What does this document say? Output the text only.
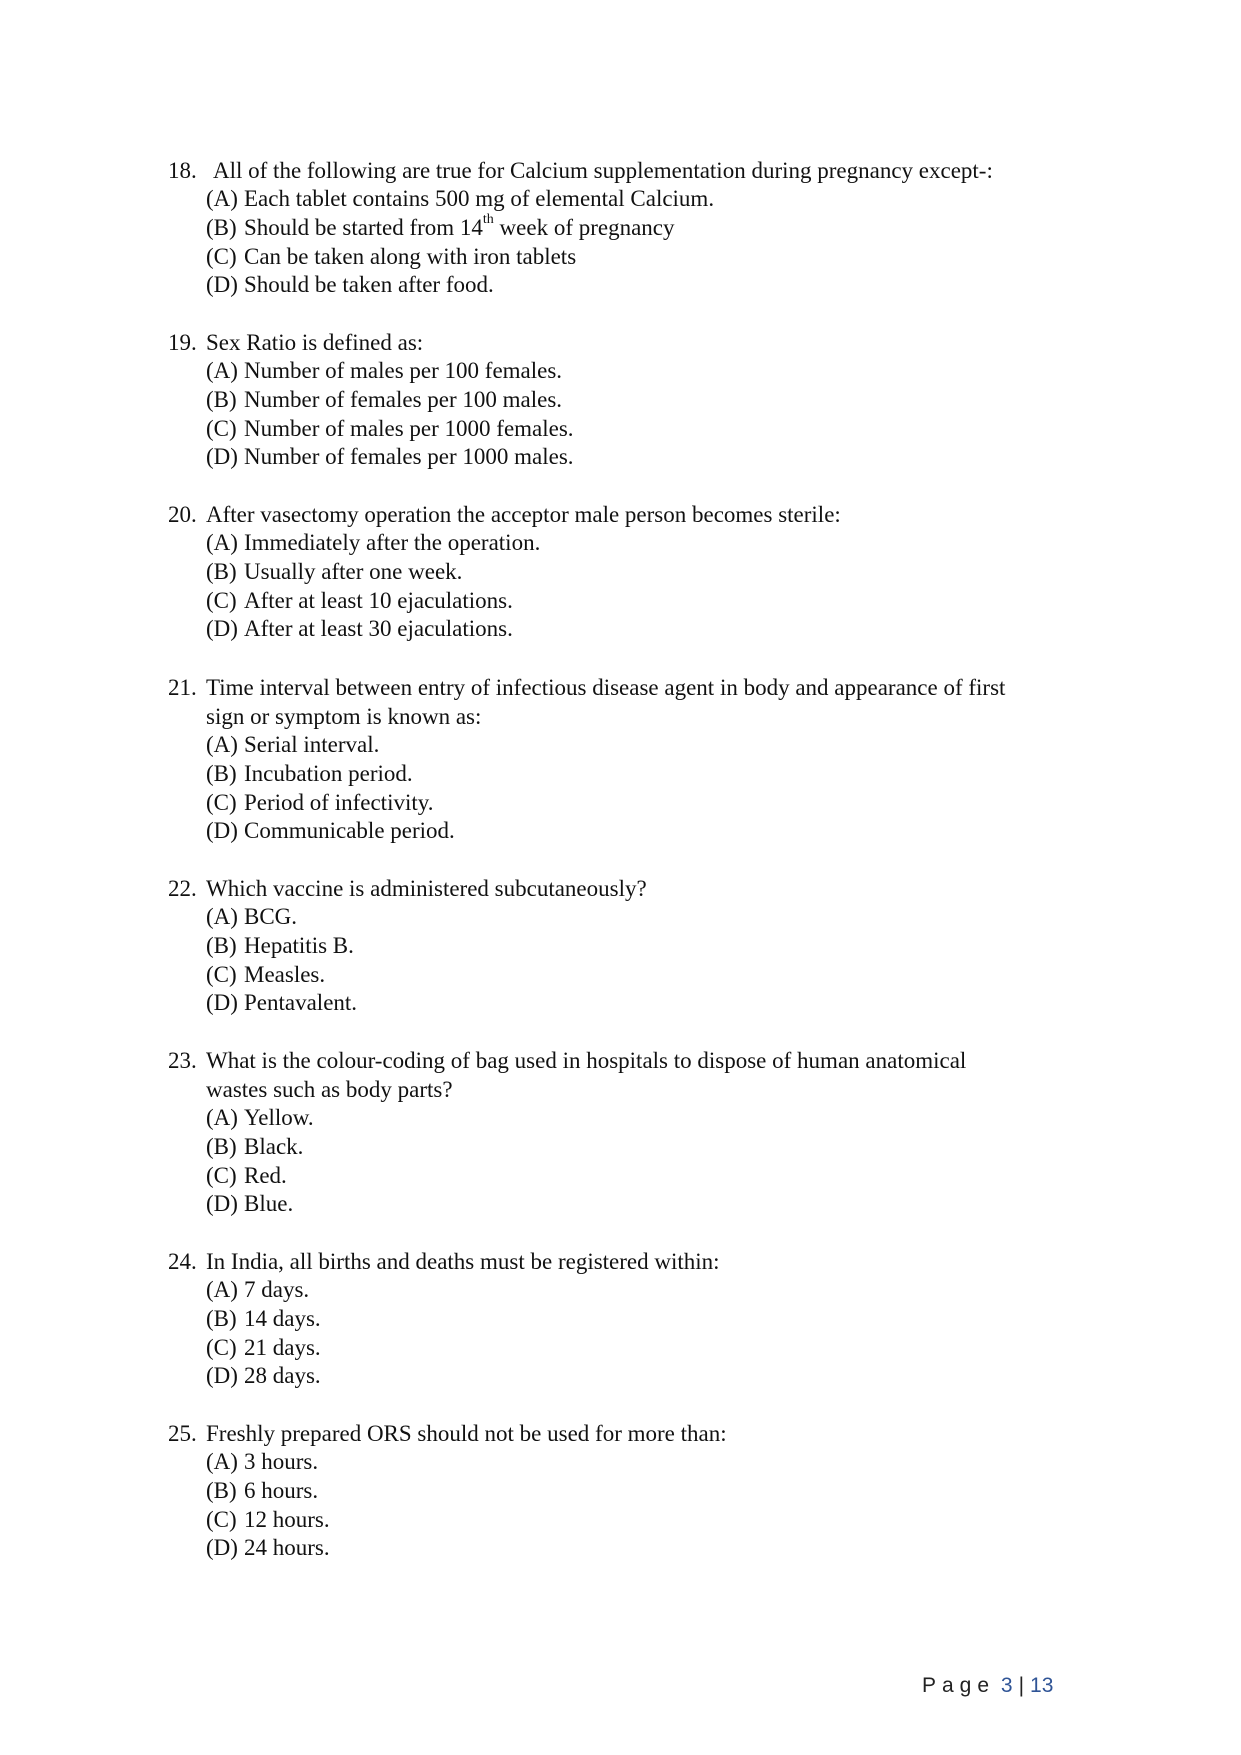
18. All of the following are true for Calcium supplementation during pregnancy except-:
(A) Each tablet contains 500 mg of elemental Calcium.
(B) Should be started from 14th week of pregnancy
(C) Can be taken along with iron tablets
(D) Should be taken after food.
19. Sex Ratio is defined as:
(A) Number of males per 100 females.
(B) Number of females per 100 males.
(C) Number of males per 1000 females.
(D) Number of females per 1000 males.
20. After vasectomy operation the acceptor male person becomes sterile:
(A) Immediately after the operation.
(B) Usually after one week.
(C) After at least 10 ejaculations.
(D) After at least 30 ejaculations.
21. Time interval between entry of infectious disease agent in body and appearance of first
sign or symptom is known as:
(A) Serial interval.
(B) Incubation period.
(C) Period of infectivity.
(D) Communicable period.
22. Which vaccine is administered subcutaneously?
(A) BCG.
(B) Hepatitis B.
(C) Measles.
(D) Pentavalent.
23. What is the colour-coding of bag used in hospitals to dispose of human anatomical
wastes such as body parts?
(A) Yellow.
(B) Black.
(C) Red.
(D) Blue.
24. In India, all births and deaths must be registered within:
(A) 7 days.
(B) 14 days.
(C) 21 days.
(D) 28 days.
25. Freshly prepared ORS should not be used for more than:
(A) 3 hours.
(B) 6 hours.
(C) 12 hours.
(D) 24 hours.
Page 3 | 13
